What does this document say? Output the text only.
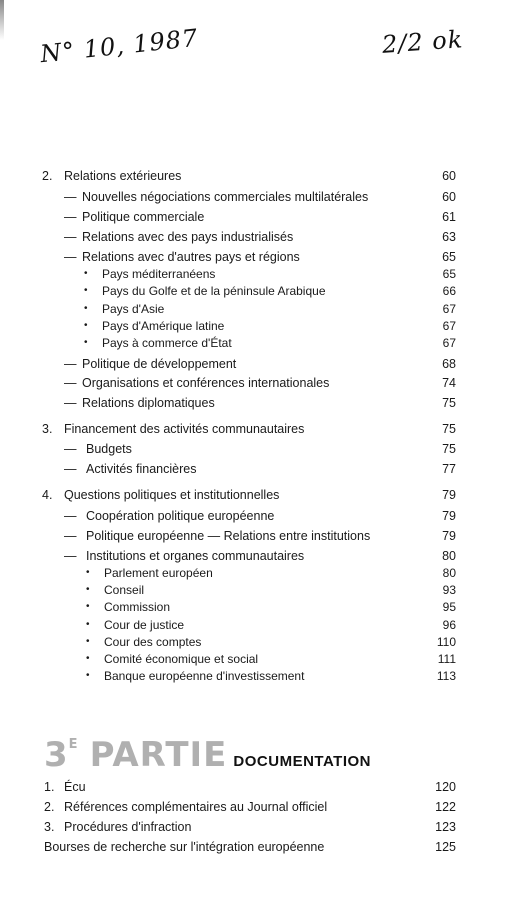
N° 10, 1987	2/2 ok
2. Relations extérieures	60
— Nouvelles négociations commerciales multilatérales	60
— Politique commerciale	61
— Relations avec des pays industrialisés	63
— Relations avec d'autres pays et régions	65
• Pays méditerranéens	65
• Pays du Golfe et de la péninsule Arabique	66
• Pays d'Asie	67
• Pays d'Amérique latine	67
• Pays à commerce d'État	67
— Politique de développement	68
— Organisations et conférences internationales	74
— Relations diplomatiques	75
3. Financement des activités communautaires	75
— Budgets	75
— Activités financières	77
4. Questions politiques et institutionnelles	79
— Coopération politique européenne	79
— Politique européenne — Relations entre institutions	79
— Institutions et organes communautaires	80
• Parlement européen	80
• Conseil	93
• Commission	95
• Cour de justice	96
• Cour des comptes	110
• Comité économique et social	111
• Banque européenne d'investissement	113
$3^E$ PARTIE DOCUMENTATION
1. Écu	120
2. Références complémentaires au Journal officiel	122
3. Procédures d'infraction	123
Bourses de recherche sur l'intégration européenne	125
